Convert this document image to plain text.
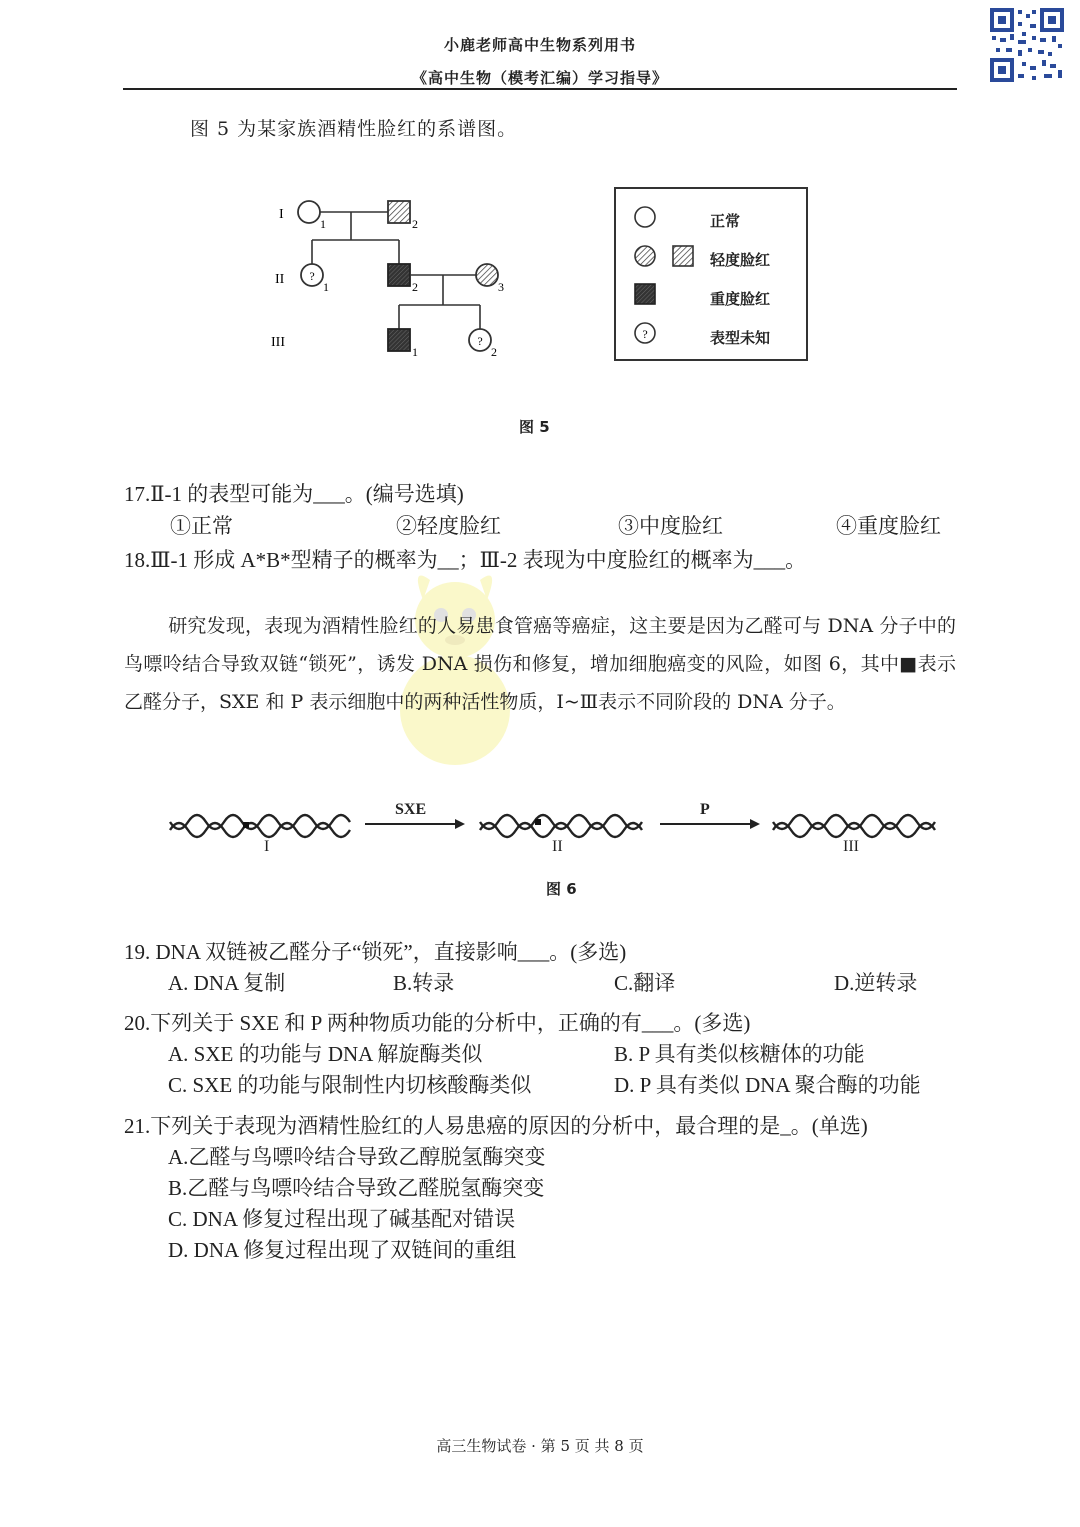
小鹿老师高中生物系列用书
《高中生物（模考汇编）学习指导》
图 5 为某家族酒精性脸红的系谱图。
I
II
III
1	2
?
1	2	3
1
?
2
?
正常
轻度脸红
重度脸红
表型未知
图 5
17.Ⅱ-1 的表型可能为___。(编号选填)
①正常	②轻度脸红	③中度脸红	④重度脸红
18.Ⅲ-1 形成 A*B*型精子的概率为__；Ⅲ-2 表现为中度脸红的概率为___。
研究发现，表现为酒精性脸红的人易患食管癌等癌症，这主要是因为乙醛可与 DNA 分子中的鸟嘌呤结合导致双链“锁死”，诱发 DNA 损伤和修复，增加细胞癌变的风险，如图 6，其中■表示乙醛分子，SXE 和 P 表示细胞中的两种活性物质，Ⅰ~Ⅲ表示不同阶段的 DNA 分子。
SXE	P
I	II	III
图 6
19. DNA 双链被乙醛分子“锁死”，直接影响___。(多选)
A. DNA 复制	B.转录	C.翻译	D.逆转录
20.下列关于 SXE 和 P 两种物质功能的分析中，正确的有___。(多选)
A. SXE 的功能与 DNA 解旋酶类似	B. P 具有类似核糖体的功能
C. SXE 的功能与限制性内切核酸酶类似	D. P 具有类似 DNA 聚合酶的功能
21.下列关于表现为酒精性脸红的人易患癌的原因的分析中，最合理的是_。(单选)
A.乙醛与鸟嘌呤结合导致乙醇脱氢酶突变
B.乙醛与鸟嘌呤结合导致乙醛脱氢酶突变
C. DNA 修复过程出现了碱基配对错误
D. DNA 修复过程出现了双链间的重组
高三生物试卷 · 第 5 页 共 8 页
